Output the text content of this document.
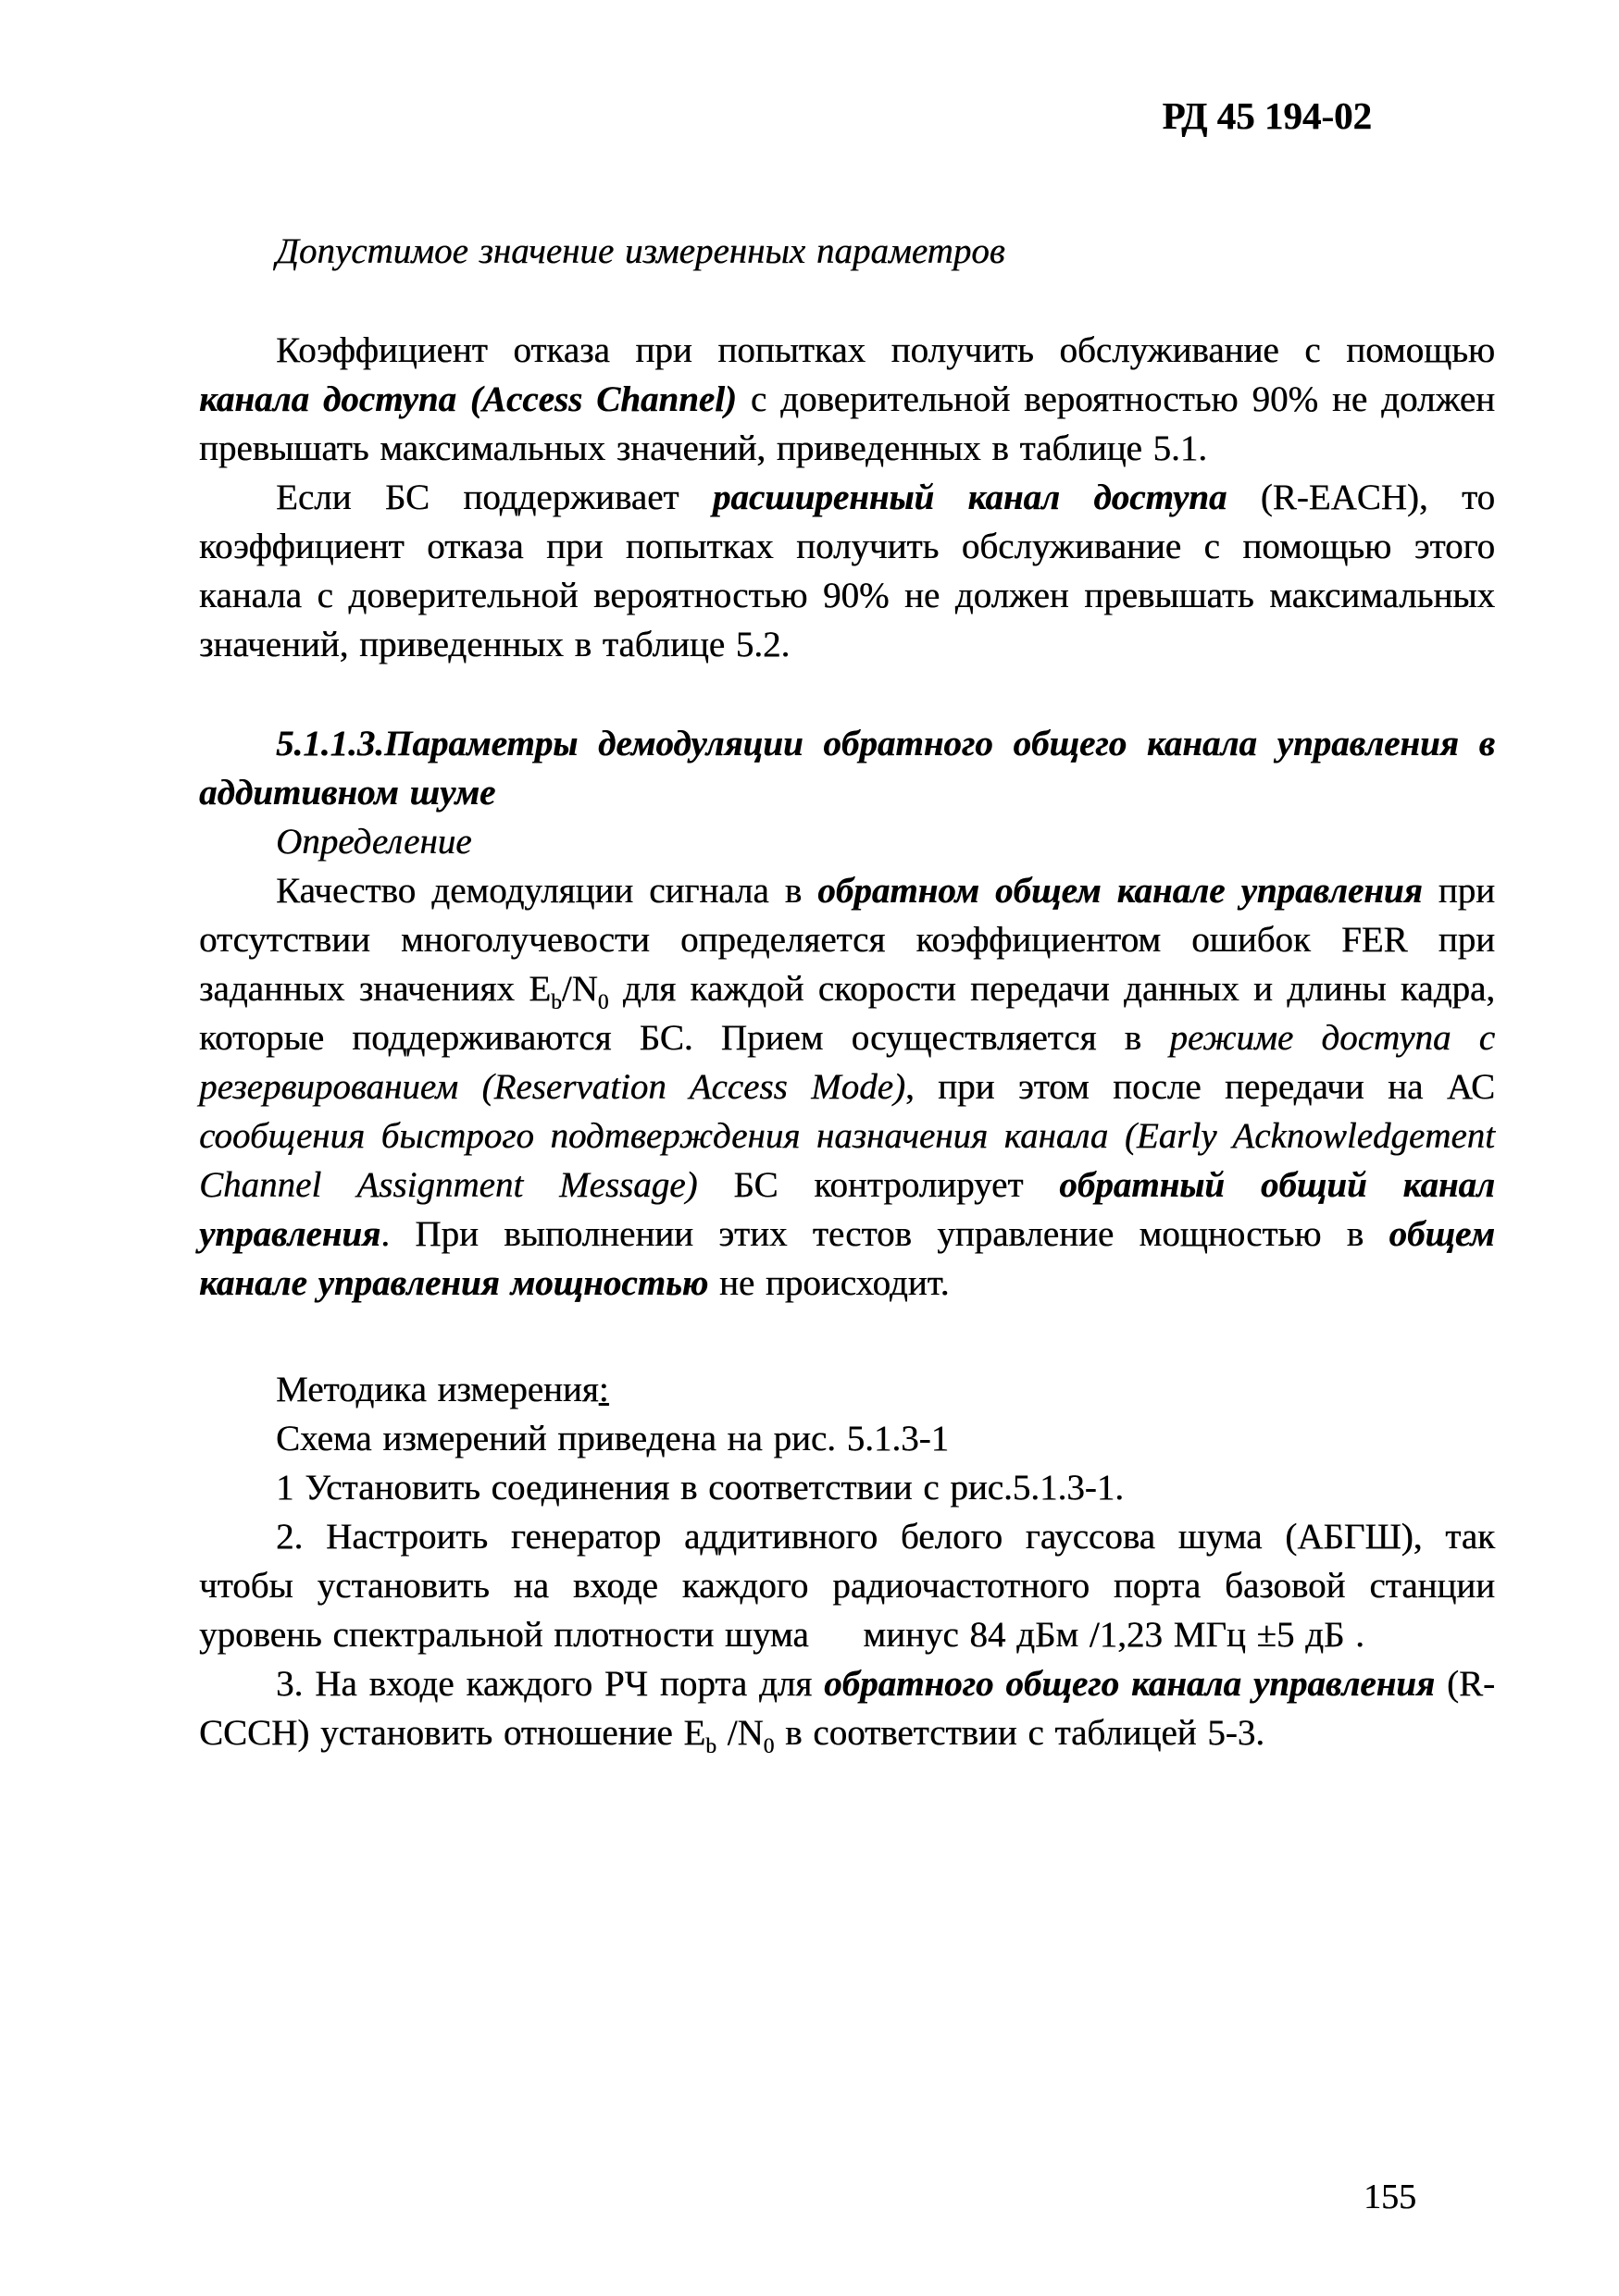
РД 45 194-02

Допустимое значение измеренных параметров

Коэффициент отказа при попытках получить обслуживание с помощью канала доступа (Access Channel) с доверительной вероятностью 90% не должен превышать максимальных значений, приведенных в таблице 5.1.

Если БС поддерживает расширенный канал доступа (R-EACH), то коэффициент отказа при попытках получить обслуживание с помощью этого канала с доверительной вероятностью 90% не должен превышать максимальных значений, приведенных в таблице 5.2.

5.1.1.3.Параметры демодуляции обратного общего канала управления в аддитивном шуме

Определение

Качество демодуляции сигнала в обратном общем канале управления при отсутствии многолучевости определяется коэффициентом ошибок FER при заданных значениях $E_b/N_0$ для каждой скорости передачи данных и длины кадра, которые поддерживаются БС. Прием осуществляется в режиме доступа с резервированием (Reservation Access Mode), при этом после передачи на АС сообщения быстрого подтверждения назначения канала (Early Acknowledgement Channel Assignment Message) БС контролирует обратный общий канал управления. При выполнении этих тестов управление мощностью в общем канале управления мощностью не происходит.

Методика измерения:

Схема измерений приведена на рис. 5.1.3-1

1 Установить соединения в соответствии с рис.5.1.3-1.

2. Настроить генератор аддитивного белого гауссова шума (АБГШ), так чтобы установить на входе каждого радиочастотного порта базовой станции уровень спектральной плотности шума     минус 84 дБм /1,23 МГц ±5 дБ .

3. На входе каждого РЧ порта для обратного общего канала управления (R-CCCH) установить отношение $E_b$ $/N_0$ в соответствии с таблицей 5-3.

155
